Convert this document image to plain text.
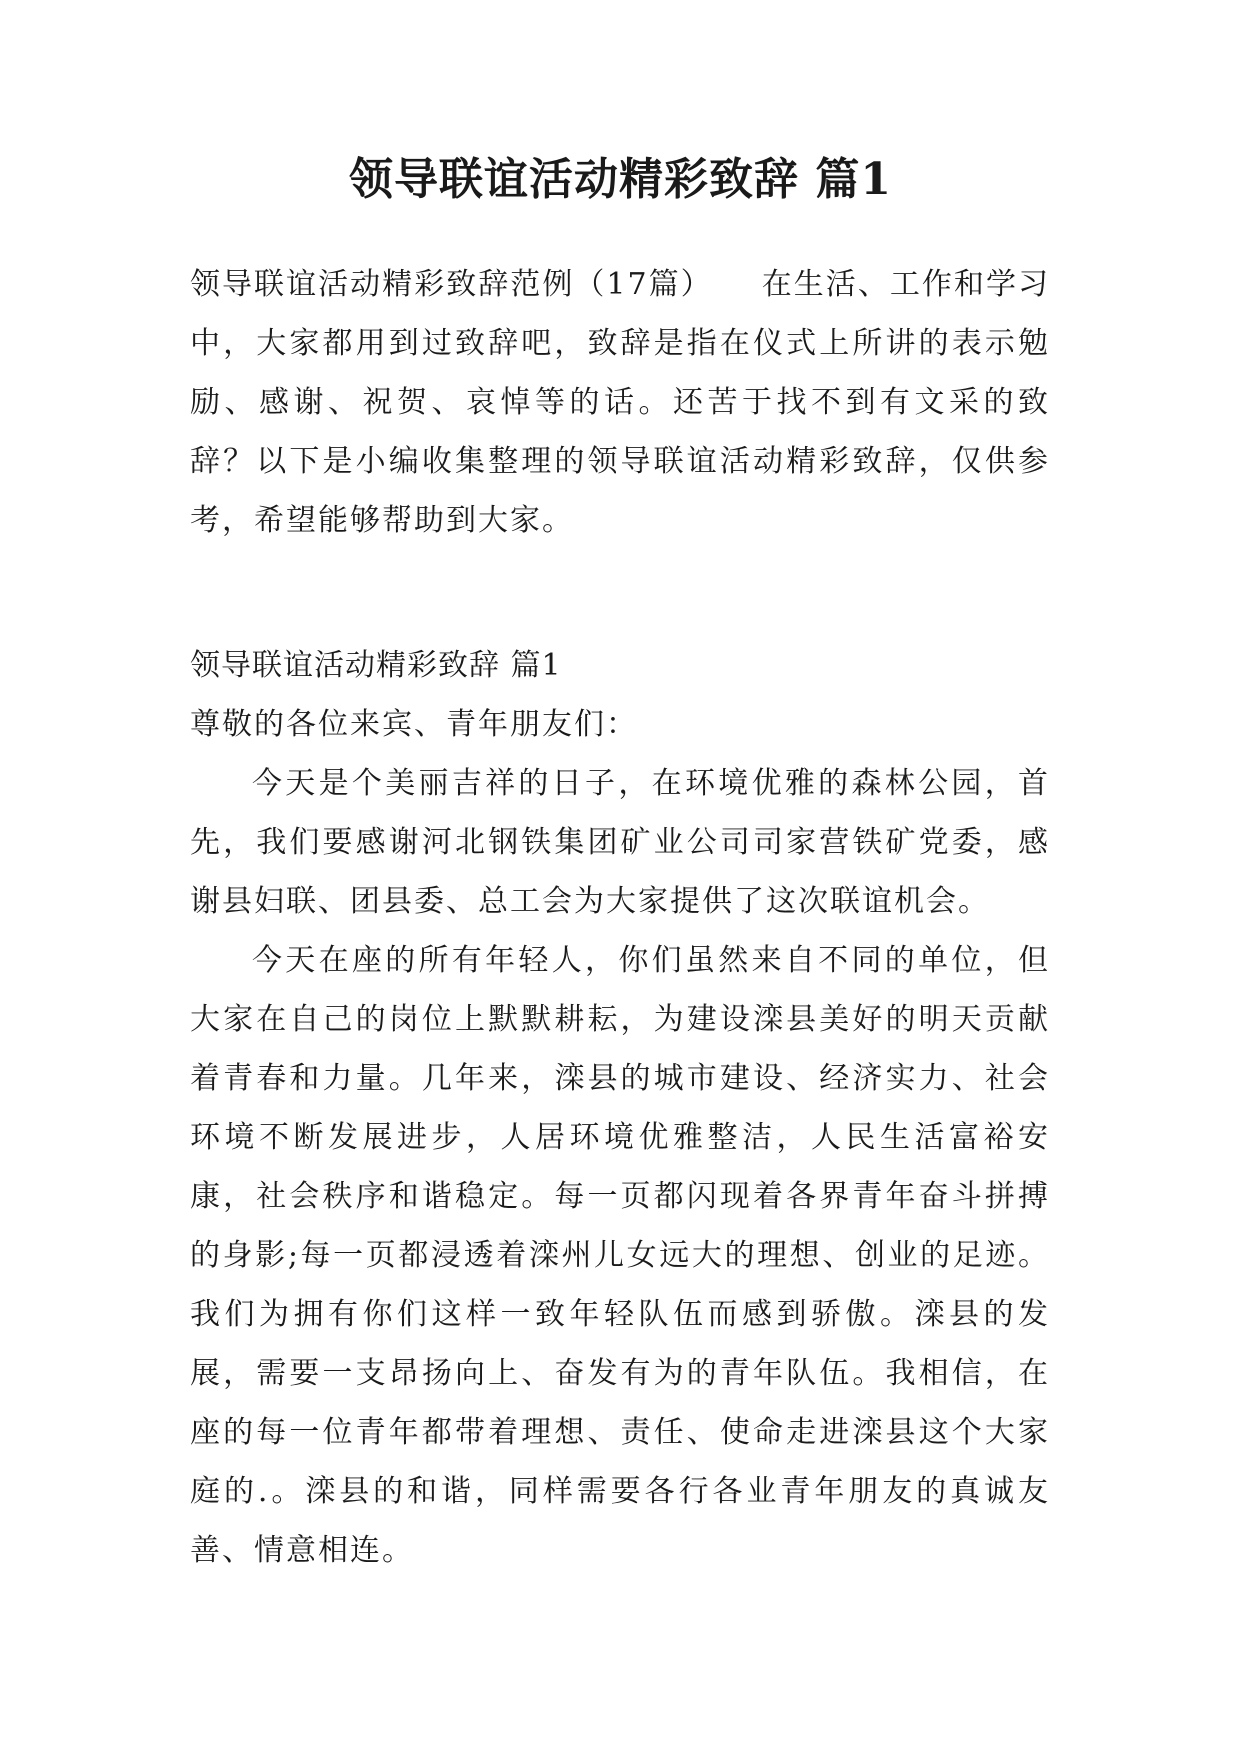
领导联谊活动精彩致辞 篇1

领导联谊活动精彩致辞范例（17篇）　　在生活、工作和学习中，大家都用到过致辞吧，致辞是指在仪式上所讲的表示勉励、感谢、祝贺、哀悼等的话。还苦于找不到有文采的致辞？以下是小编收集整理的领导联谊活动精彩致辞，仅供参考，希望能够帮助到大家。

领导联谊活动精彩致辞 篇1

尊敬的各位来宾、青年朋友们：

今天是个美丽吉祥的日子，在环境优雅的森林公园，首先，我们要感谢河北钢铁集团矿业公司司家营铁矿党委，感谢县妇联、团县委、总工会为大家提供了这次联谊机会。

今天在座的所有年轻人，你们虽然来自不同的单位，但大家在自己的岗位上默默耕耘，为建设滦县美好的明天贡献着青春和力量。几年来，滦县的城市建设、经济实力、社会环境不断发展进步，人居环境优雅整洁，人民生活富裕安康，社会秩序和谐稳定。每一页都闪现着各界青年奋斗拼搏的身影;每一页都浸透着滦州儿女远大的理想、创业的足迹。我们为拥有你们这样一致年轻队伍而感到骄傲。滦县的发展，需要一支昂扬向上、奋发有为的青年队伍。我相信，在座的每一位青年都带着理想、责任、使命走进滦县这个大家庭的.。滦县的和谐，同样需要各行各业青年朋友的真诚友善、情意相连。
